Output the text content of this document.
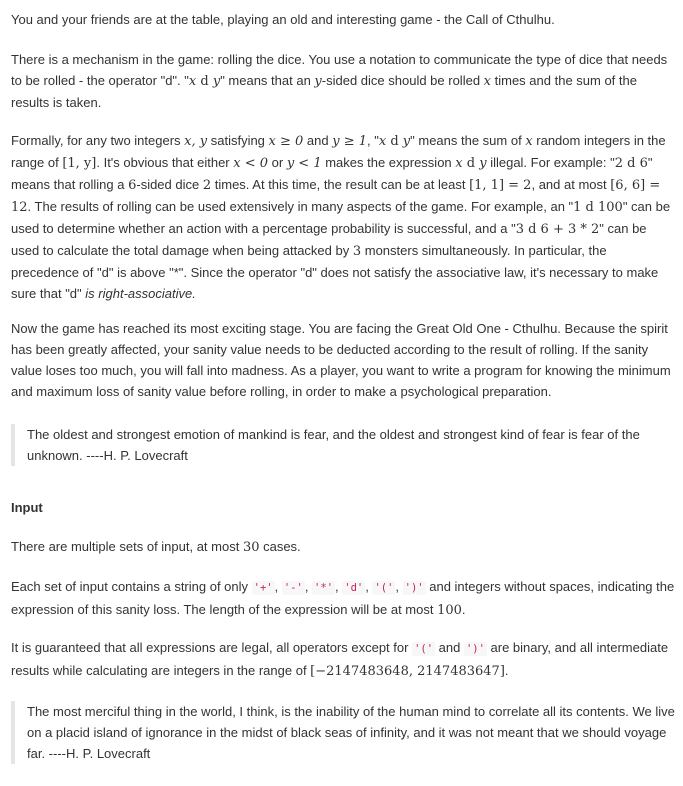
You and your friends are at the table, playing an old and interesting game - the Call of Cthulhu.

There is a mechanism in the game: rolling the dice. You use a notation to communicate the type of dice that needs to be rolled - the operator "d". "x d y" means that an y-sided dice should be rolled x times and the sum of the results is taken.

Formally, for any two integers x, y satisfying x ≥ 0 and y ≥ 1, "x d y" means the sum of x random integers in the range of [1, y]. It's obvious that either x < 0 or y < 1 makes the expression x d y illegal. For example: "2 d 6" means that rolling a 6-sided dice 2 times. At this time, the result can be at least [1, 1] = 2, and at most [6, 6] = 12. The results of rolling can be used extensively in many aspects of the game. For example, an "1 d 100" can be used to determine whether an action with a percentage probability is successful, and a "3 d 6 + 3 * 2" can be used to calculate the total damage when being attacked by 3 monsters simultaneously. In particular, the precedence of "d" is above "*". Since the operator "d" does not satisfy the associative law, it's necessary to make sure that "d" is right-associative.

Now the game has reached its most exciting stage. You are facing the Great Old One - Cthulhu. Because the spirit has been greatly affected, your sanity value needs to be deducted according to the result of rolling. If the sanity value loses too much, you will fall into madness. As a player, you want to write a program for knowing the minimum and maximum loss of sanity value before rolling, in order to make a psychological preparation.

The oldest and strongest emotion of mankind is fear, and the oldest and strongest kind of fear is fear of the unknown. ----H. P. Lovecraft

Input

There are multiple sets of input, at most 30 cases.

Each set of input contains a string of only '+' , '-' , '*' , 'd' , '(' , ')' and integers without spaces, indicating the expression of this sanity loss. The length of the expression will be at most 100.

It is guaranteed that all expressions are legal, all operators except for '(' and ')' are binary, and all intermediate results while calculating are integers in the range of [−2147483648, 2147483647].

The most merciful thing in the world, I think, is the inability of the human mind to correlate all its contents. We live on a placid island of ignorance in the midst of black seas of infinity, and it was not meant that we should voyage far. ----H. P. Lovecraft
